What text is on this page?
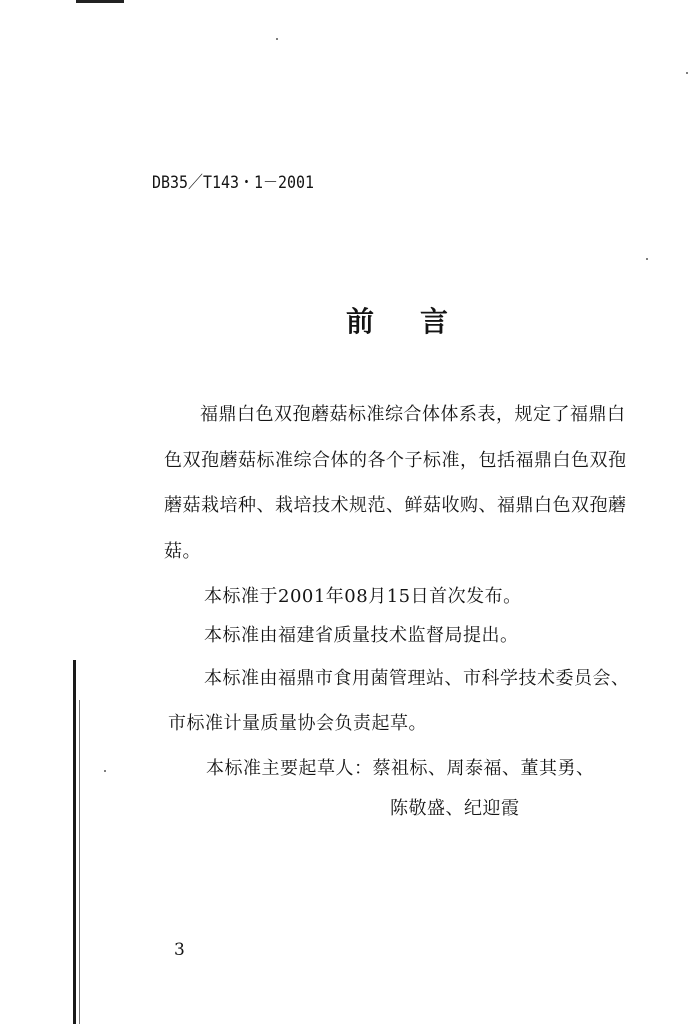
DB35／T143・1－2001
前言
福鼎白色双孢蘑菇标准综合体体系表，规定了福鼎白
色双孢蘑菇标准综合体的各个子标准，包括福鼎白色双孢
蘑菇栽培种、栽培技术规范、鲜菇收购、福鼎白色双孢蘑
菇。
本标准于2001年08月15日首次发布。
本标准由福建省质量技术监督局提出。
本标准由福鼎市食用菌管理站、市科学技术委员会、
市标准计量质量协会负责起草。
本标准主要起草人：蔡祖标、周泰福、董其勇、
陈敬盛、纪迎霞
3
